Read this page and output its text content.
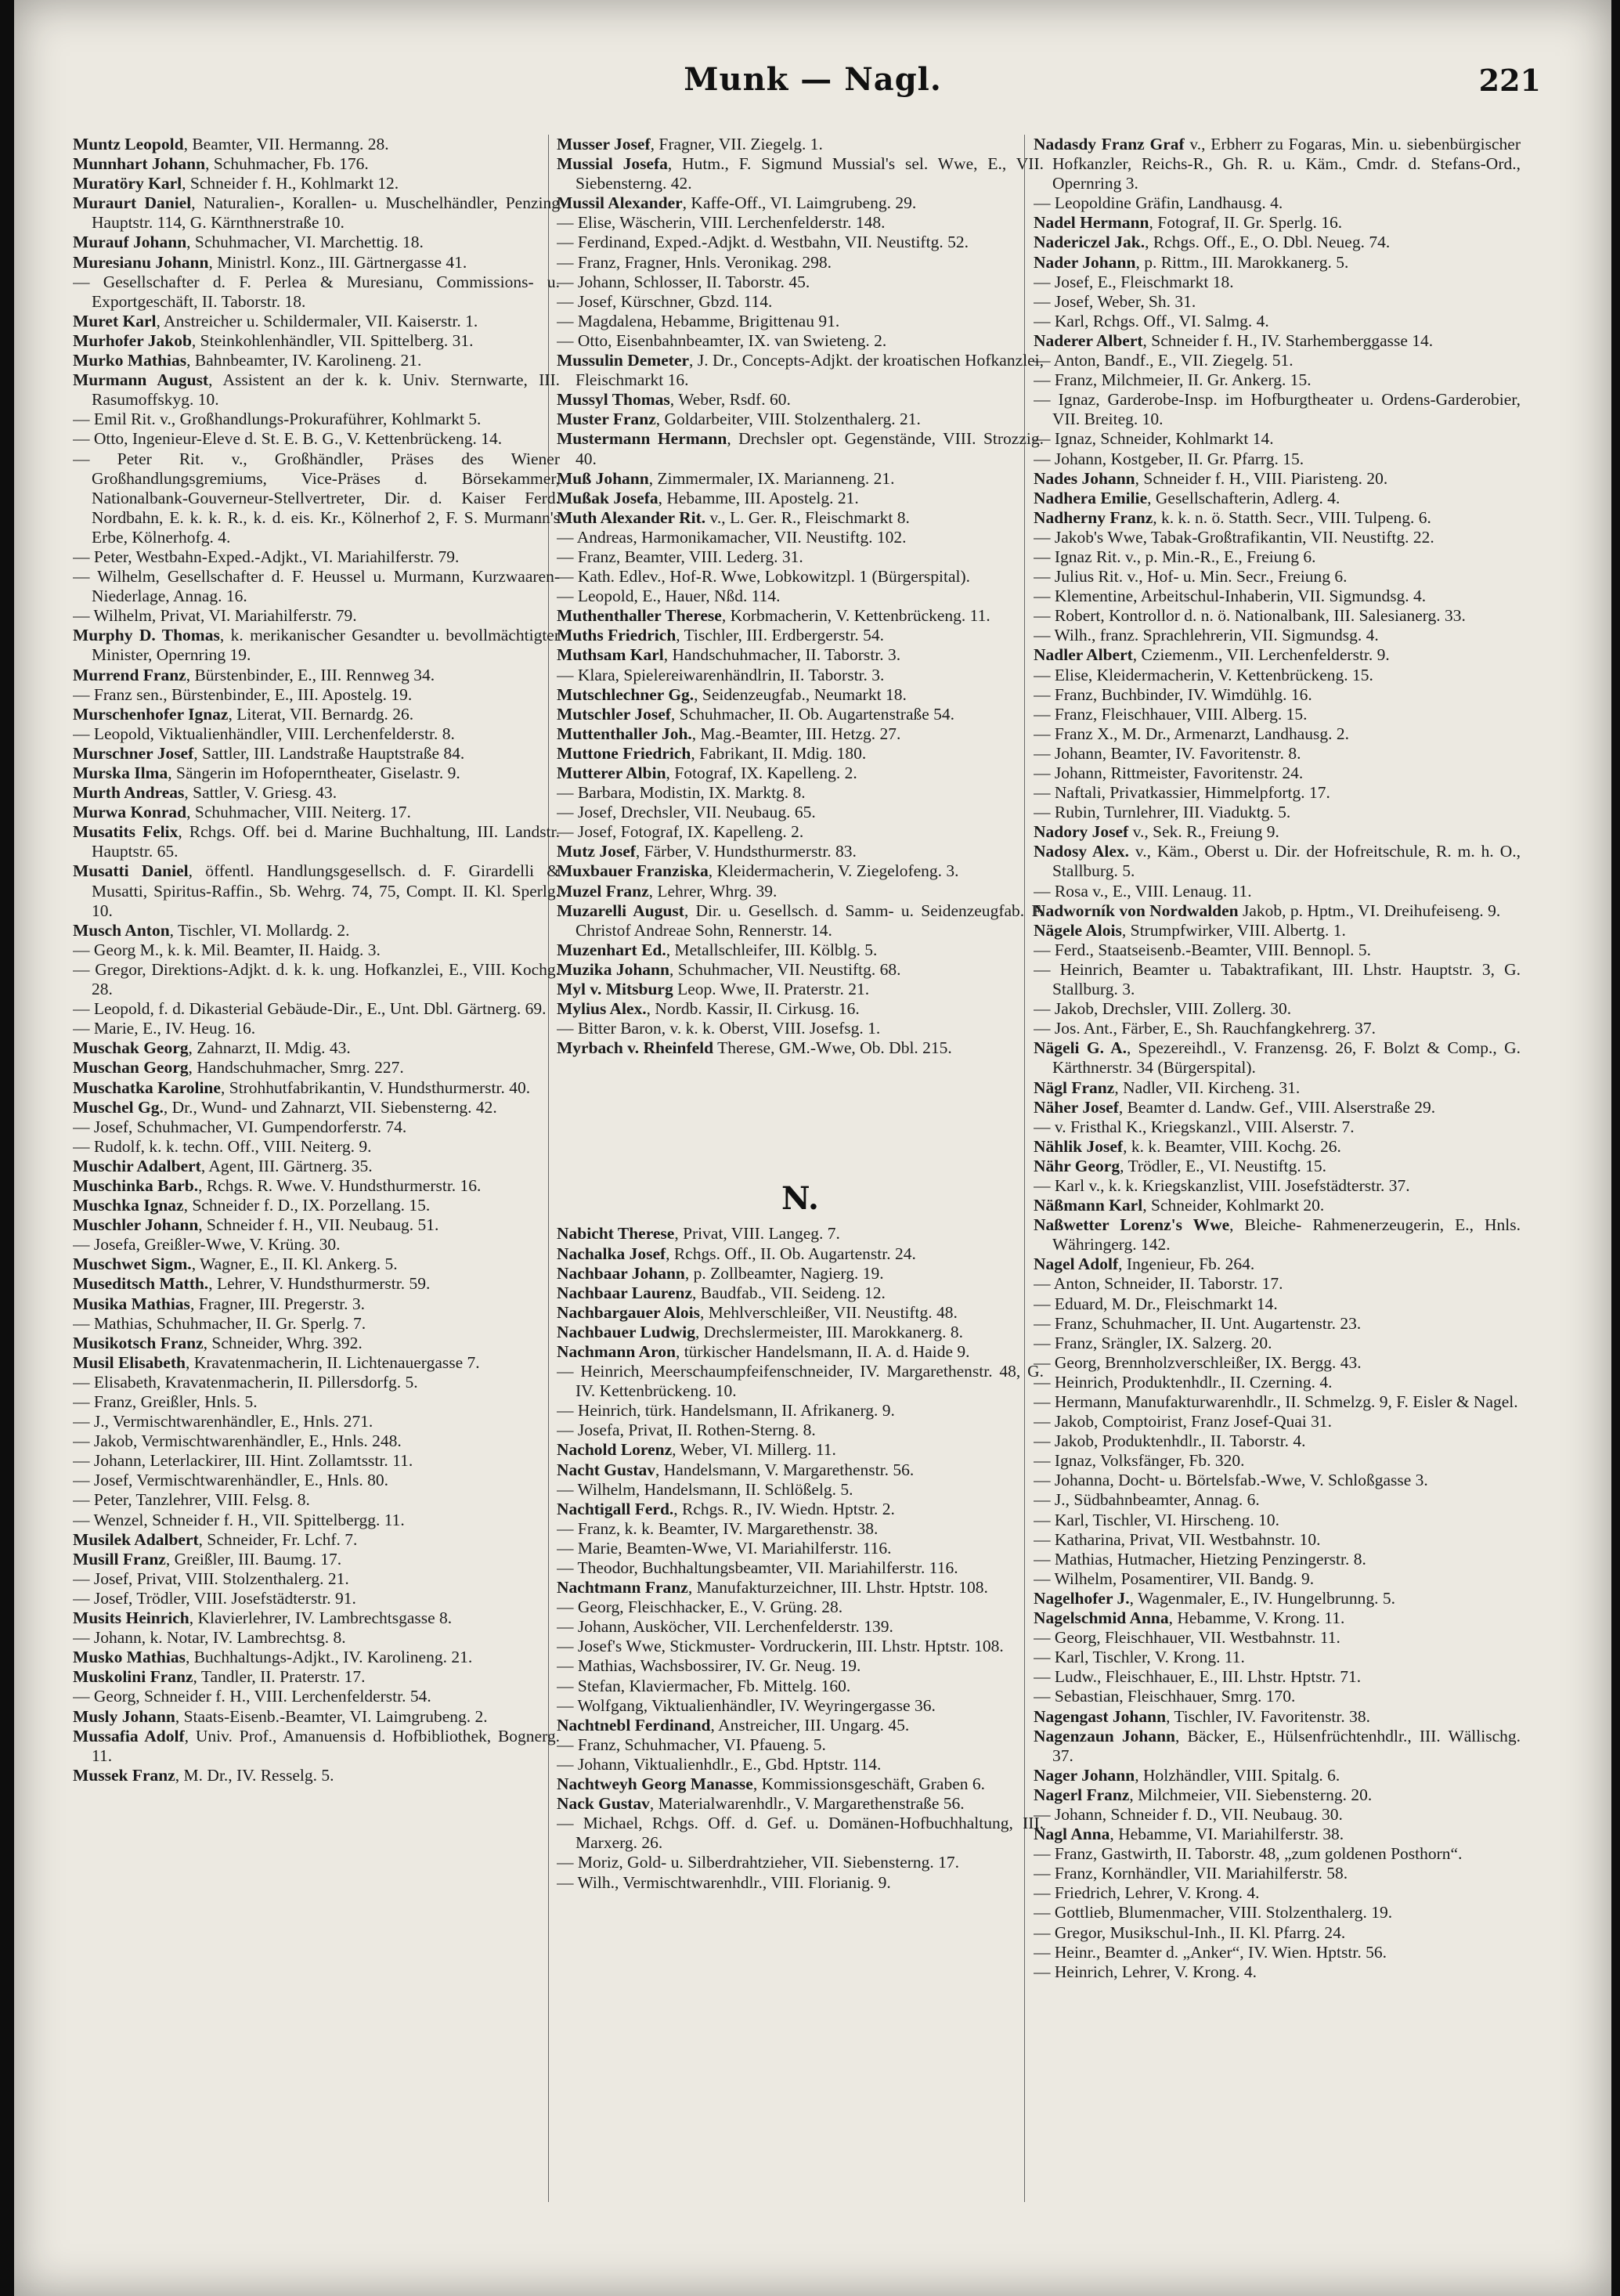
Munk — Nagl.	221
Muntz Leopold, Beamter, VII. Hermanng. 28.
Munnhart Johann, Schuhmacher, Fb. 176.
Muratöry Karl, Schneider f. H., Kohlmarkt 12.
Muraurt Daniel, Naturalien-, Korallen- u. Muschelhändler, Penzing Hauptstr. 114, G. Kärnthnerstraße 10.
Murauf Johann, Schuhmacher, VI. Marchettig. 18.
Muresianu Johann, Ministrl. Konz., III. Gärtnergasse 41.
— Gesellschafter d. F. Perlea & Muresianu, Commissions- u. Exportgeschäft, II. Taborstr. 18.
Muret Karl, Anstreicher u. Schildermaler, VII. Kaiserstr. 1.
Murhofer Jakob, Steinkohlenhändler, VII. Spittelberg. 31.
Murko Mathias, Bahnbeamter, IV. Karolineng. 21.
Murmann August, Assistent an der k. k. Univ. Sternwarte, III. Rasumoffskyg. 10.
— Emil Rit. v., Großhandlungs-Prokuraführer, Kohlmarkt 5.
— Otto, Ingenieur-Eleve d. St. E. B. G., V. Kettenbrückeng. 14.
— Peter Rit. v., Großhändler, Präses des Wiener Großhandlungsgremiums, Vice-Präses d. Börsekammer, Nationalbank-Gouverneur-Stellvertreter, Dir. d. Kaiser Ferd. Nordbahn, E. k. k. R., k. d. eis. Kr., Kölnerhof 2, F. S. Murmann's Erbe, Kölnerhofg. 4.
— Peter, Westbahn-Exped.-Adjkt., VI. Mariahilferstr. 79.
— Wilhelm, Gesellschafter d. F. Heussel u. Murmann, Kurzwaaren-Niederlage, Annag. 16.
— Wilhelm, Privat, VI. Mariahilferstr. 79.
Murphy D. Thomas, k. merikanischer Gesandter u. bevollmächtigter Minister, Opernring 19.
Murrend Franz, Bürstenbinder, E., III. Rennweg 34.
— Franz sen., Bürstenbinder, E., III. Apostelg. 19.
Murschenhofer Ignaz, Literat, VII. Bernardg. 26.
— Leopold, Viktualienhändler, VIII. Lerchenfelderstr. 8.
Murschner Josef, Sattler, III. Landstraße Hauptstraße 84.
Murska Ilma, Sängerin im Hofoperntheater, Giselastr. 9.
Murth Andreas, Sattler, V. Griesg. 43.
Murwa Konrad, Schuhmacher, VIII. Neiterg. 17.
Musatits Felix, Rchgs. Off. bei d. Marine Buchhaltung, III. Landstr. Hauptstr. 65.
Musatti Daniel, öffentl. Handlungsgesellsch. d. F. Girardelli & Musatti, Spiritus-Raffin., Sb. Wehrg. 74, 75, Compt. II. Kl. Sperlg. 10.
Musch Anton, Tischler, VI. Mollardg. 2.
— Georg M., k. k. Mil. Beamter, II. Haidg. 3.
— Gregor, Direktions-Adjkt. d. k. k. ung. Hofkanzlei, E., VIII. Kochg. 28.
— Leopold, f. d. Dikasterial Gebäude-Dir., E., Unt. Dbl. Gärtnerg. 69.
— Marie, E., IV. Heug. 16.
Muschak Georg, Zahnarzt, II. Mdig. 43.
Muschan Georg, Handschuhmacher, Smrg. 227.
Muschatka Karoline, Strohhutfabrikantin, V. Hundsthurmerstr. 40.
Muschel Gg., Dr., Wund- und Zahnarzt, VII. Siebensterng. 42.
— Josef, Schuhmacher, VI. Gumpendorferstr. 74.
— Rudolf, k. k. techn. Off., VIII. Neiterg. 9.
Muschir Adalbert, Agent, III. Gärtnerg. 35.
Muschinka Barb., Rchgs. R. Wwe. V. Hundsthurmerstr. 16.
Muschka Ignaz, Schneider f. D., IX. Porzellang. 15.
Muschler Johann, Schneider f. H., VII. Neubaug. 51.
— Josefa, Greißler-Wwe, V. Krüng. 30.
Muschwet Sigm., Wagner, E., II. Kl. Ankerg. 5.
Museditsch Matth., Lehrer, V. Hundsthurmerstr. 59.
Musika Mathias, Fragner, III. Pregerstr. 3.
— Mathias, Schuhmacher, II. Gr. Sperlg. 7.
Musikotsch Franz, Schneider, Whrg. 392.
Musil Elisabeth, Kravatenmacherin, II. Lichtenauergasse 7.
— Elisabeth, Kravatenmacherin, II. Pillersdorfg. 5.
— Franz, Greißler, Hnls. 5.
— J., Vermischtwarenhändler, E., Hnls. 271.
— Jakob, Vermischtwarenhändler, E., Hnls. 248.
— Johann, Leterlackirer, III. Hint. Zollamtsstr. 11.
— Josef, Vermischtwarenhändler, E., Hnls. 80.
— Peter, Tanzlehrer, VIII. Felsg. 8.
— Wenzel, Schneider f. H., VII. Spittelbergg. 11.
Musilek Adalbert, Schneider, Fr. Lchf. 7.
Musill Franz, Greißler, III. Baumg. 17.
— Josef, Privat, VIII. Stolzenthalerg. 21.
— Josef, Trödler, VIII. Josefstädterstr. 91.
Musits Heinrich, Klavierlehrer, IV. Lambrechtsgasse 8.
— Johann, k. Notar, IV. Lambrechtsg. 8.
Musko Mathias, Buchhaltungs-Adjkt., IV. Karolineng. 21.
Muskolini Franz, Tandler, II. Praterstr. 17.
— Georg, Schneider f. H., VIII. Lerchenfelderstr. 54.
Musly Johann, Staats-Eisenb.-Beamter, VI. Laimgrubeng. 2.
Mussafia Adolf, Univ. Prof., Amanuensis d. Hofbibliothek, Bognerg. 11.
Mussek Franz, M. Dr., IV. Resselg. 5.
Musser Josef, Fragner, VII. Ziegelg. 1.
Mussial Josefa, Hutm., F. Sigmund Mussial's sel. Wwe, E., VII. Siebensterng. 42.
Mussil Alexander, Kaffe-Off., VI. Laimgrubeng. 29.
— Elise, Wäscherin, VIII. Lerchenfelderstr. 148.
— Ferdinand, Exped.-Adjkt. d. Westbahn, VII. Neustiftg. 52.
— Franz, Fragner, Hnls. Veronikag. 298.
— Johann, Schlosser, II. Taborstr. 45.
— Josef, Kürschner, Gbzd. 114.
— Magdalena, Hebamme, Brigittenau 91.
— Otto, Eisenbahnbeamter, IX. van Swieteng. 2.
Mussulin Demeter, J. Dr., Concepts-Adjkt. der kroatischen Hofkanzlei, Fleischmarkt 16.
Mussyl Thomas, Weber, Rsdf. 60.
Muster Franz, Goldarbeiter, VIII. Stolzenthalerg. 21.
Mustermann Hermann, Drechsler opt. Gegenstände, VIII. Strozzig. 40.
Muß Johann, Zimmermaler, IX. Marianneng. 21.
Mußak Josefa, Hebamme, III. Apostelg. 21.
Muth Alexander Rit. v., L. Ger. R., Fleischmarkt 8.
— Andreas, Harmonikamacher, VII. Neustiftg. 102.
— Franz, Beamter, VIII. Lederg. 31.
— Kath. Edlev., Hof-R. Wwe, Lobkowitzpl. 1 (Bürgerspital).
— Leopold, E., Hauer, Nßd. 114.
Muthenthaller Therese, Korbmacherin, V. Kettenbrückeng. 11.
Muths Friedrich, Tischler, III. Erdbergerstr. 54.
Muthsam Karl, Handschuhmacher, II. Taborstr. 3.
— Klara, Spielereiwarenhändlrin, II. Taborstr. 3.
Mutschlechner Gg., Seidenzeugfab., Neumarkt 18.
Mutschler Josef, Schuhmacher, II. Ob. Augartenstraße 54.
Muttenthaller Joh., Mag.-Beamter, III. Hetzg. 27.
Muttone Friedrich, Fabrikant, II. Mdig. 180.
Mutterer Albin, Fotograf, IX. Kapelleng. 2.
— Barbara, Modistin, IX. Marktg. 8.
— Josef, Drechsler, VII. Neubaug. 65.
— Josef, Fotograf, IX. Kapelleng. 2.
Mutz Josef, Färber, V. Hundsthurmerstr. 83.
Muxbauer Franziska, Kleidermacherin, V. Ziegelofeng. 3.
Muzel Franz, Lehrer, Whrg. 39.
Muzarelli August, Dir. u. Gesellsch. d. Samm- u. Seidenzeugfab. F. Christof Andreae Sohn, Rennerstr. 14.
Muzenhart Ed., Metallschleifer, III. Kölblg. 5.
Muzika Johann, Schuhmacher, VII. Neustiftg. 68.
Myl v. Mitsburg Leop. Wwe, II. Praterstr. 21.
Mylius Alex., Nordb. Kassir, II. Cirkusg. 16.
— Bitter Baron, v. k. k. Oberst, VIII. Josefsg. 1.
Myrbach v. Rheinfeld Therese, GM.-Wwe, Ob. Dbl. 215.
N.
Nabicht Therese, Privat, VIII. Langeg. 7.
Nachalka Josef, Rchgs. Off., II. Ob. Augartenstr. 24.
Nachbaar Johann, p. Zollbeamter, Nagierg. 19.
Nachbaar Laurenz, Baudfab., VII. Seideng. 12.
Nachbargauer Alois, Mehlverschleißer, VII. Neustiftg. 48.
Nachbauer Ludwig, Drechslermeister, III. Marokkanerg. 8.
Nachmann Aron, türkischer Handelsmann, II. A. d. Haide 9.
— Heinrich, Meerschaumpfeifenschneider, IV. Margarethenstr. 48, G. IV. Kettenbrückeng. 10.
— Heinrich, türk. Handelsmann, II. Afrikanerg. 9.
— Josefa, Privat, II. Rothen-Sterng. 8.
Nachold Lorenz, Weber, VI. Millerg. 11.
Nacht Gustav, Handelsmann, V. Margarethenstr. 56.
— Wilhelm, Handelsmann, II. Schlößelg. 5.
Nachtigall Ferd., Rchgs. R., IV. Wiedn. Hptstr. 2.
— Franz, k. k. Beamter, IV. Margarethenstr. 38.
— Marie, Beamten-Wwe, VI. Mariahilferstr. 116.
— Theodor, Buchhaltungsbeamter, VII. Mariahilferstr. 116.
Nachtmann Franz, Manufakturzeichner, III. Lhstr. Hptstr. 108.
— Georg, Fleischhacker, E., V. Grüng. 28.
— Johann, Ausköcher, VII. Lerchenfelderstr. 139.
— Josef's Wwe, Stickmuster- Vordruckerin, III. Lhstr. Hptstr. 108.
— Mathias, Wachsbossirer, IV. Gr. Neug. 19.
— Stefan, Klaviermacher, Fb. Mittelg. 160.
— Wolfgang, Viktualienhändler, IV. Weyringergasse 36.
Nachtnebl Ferdinand, Anstreicher, III. Ungarg. 45.
— Franz, Schuhmacher, VI. Pfaueng. 5.
— Johann, Viktualienhdlr., E., Gbd. Hptstr. 114.
Nachtweyh Georg Manasse, Kommissionsgeschäft, Graben 6.
Nack Gustav, Materialwarenhdlr., V. Margarethenstraße 56.
— Michael, Rchgs. Off. d. Gef. u. Domänen-Hofbuchhaltung, III. Marxerg. 26.
— Moriz, Gold- u. Silberdrahtzieher, VII. Siebensterng. 17.
— Wilh., Vermischtwarenhdlr., VIII. Florianig. 9.
Nadasdy Franz Graf v., Erbherr zu Fogaras, Min. u. siebenbürgischer Hofkanzler, Reichs-R., Gh. R. u. Käm., Cmdr. d. Stefans-Ord., Opernring 3.
— Leopoldine Gräfin, Landhausg. 4.
Nadel Hermann, Fotograf, II. Gr. Sperlg. 16.
Nadericzel Jak., Rchgs. Off., E., O. Dbl. Neueg. 74.
Nader Johann, p. Rittm., III. Marokkanerg. 5.
— Josef, E., Fleischmarkt 18.
— Josef, Weber, Sh. 31.
— Karl, Rchgs. Off., VI. Salmg. 4.
Naderer Albert, Schneider f. H., IV. Starhemberggasse 14.
— Anton, Bandf., E., VII. Ziegelg. 51.
— Franz, Milchmeier, II. Gr. Ankerg. 15.
— Ignaz, Garderobe-Insp. im Hofburgtheater u. Ordens-Garderobier, VII. Breiteg. 10.
— Ignaz, Schneider, Kohlmarkt 14.
— Johann, Kostgeber, II. Gr. Pfarrg. 15.
Nades Johann, Schneider f. H., VIII. Piaristeng. 20.
Nadhera Emilie, Gesellschafterin, Adlerg. 4.
Nadherny Franz, k. k. n. ö. Statth. Secr., VIII. Tulpeng. 6.
— Jakob's Wwe, Tabak-Großtrafikantin, VII. Neustiftg. 22.
— Ignaz Rit. v., p. Min.-R., E., Freiung 6.
— Julius Rit. v., Hof- u. Min. Secr., Freiung 6.
— Klementine, Arbeitschul-Inhaberin, VII. Sigmundsg. 4.
— Robert, Kontrollor d. n. ö. Nationalbank, III. Salesianerg. 33.
— Wilh., franz. Sprachlehrerin, VII. Sigmundsg. 4.
Nadler Albert, Cziemenm., VII. Lerchenfelderstr. 9.
— Elise, Kleidermacherin, V. Kettenbrückeng. 15.
— Franz, Buchbinder, IV. Wimdühlg. 16.
— Franz, Fleischhauer, VIII. Alberg. 15.
— Franz X., M. Dr., Armenarzt, Landhausg. 2.
— Johann, Beamter, IV. Favoritenstr. 8.
— Johann, Rittmeister, Favoritenstr. 24.
— Naftali, Privatkassier, Himmelpfortg. 17.
— Rubin, Turnlehrer, III. Viaduktg. 5.
Nadory Josef v., Sek. R., Freiung 9.
Nadosy Alex. v., Käm., Oberst u. Dir. der Hofreitschule, R. m. h. O., Stallburg. 5.
— Rosa v., E., VIII. Lenaug. 11.
Nadworník von Nordwalden Jakob, p. Hptm., VI. Dreihufeiseng. 9.
Nägele Alois, Strumpfwirker, VIII. Albertg. 1.
— Ferd., Staatseisenb.-Beamter, VIII. Bennopl. 5.
— Heinrich, Beamter u. Tabaktrafikant, III. Lhstr. Hauptstr. 3, G. Stallburg. 3.
— Jakob, Drechsler, VIII. Zollerg. 30.
— Jos. Ant., Färber, E., Sh. Rauchfangkehrerg. 37.
Nägeli G. A., Spezereihdl., V. Franzensg. 26, F. Bolzt & Comp., G. Kärthnerstr. 34 (Bürgerspital).
Nägl Franz, Nadler, VII. Kircheng. 31.
Näher Josef, Beamter d. Landw. Gef., VIII. Alserstraße 29.
— v. Fristhal K., Kriegskanzl., VIII. Alserstr. 7.
Nählik Josef, k. k. Beamter, VIII. Kochg. 26.
Nähr Georg, Trödler, E., VI. Neustiftg. 15.
— Karl v., k. k. Kriegskanzlist, VIII. Josefstädterstr. 37.
Näßmann Karl, Schneider, Kohlmarkt 20.
Naßwetter Lorenz's Wwe, Bleiche- Rahmenerzeugerin, E., Hnls. Währingerg. 142.
Nagel Adolf, Ingenieur, Fb. 264.
— Anton, Schneider, II. Taborstr. 17.
— Eduard, M. Dr., Fleischmarkt 14.
— Franz, Schuhmacher, II. Unt. Augartenstr. 23.
— Franz, Srängler, IX. Salzerg. 20.
— Georg, Brennholzverschleißer, IX. Bergg. 43.
— Heinrich, Produktenhdlr., II. Czerning. 4.
— Hermann, Manufakturwarenhdlr., II. Schmelzg. 9, F. Eisler & Nagel.
— Jakob, Comptoirist, Franz Josef-Quai 31.
— Jakob, Produktenhdlr., II. Taborstr. 4.
— Ignaz, Volksfänger, Fb. 320.
— Johanna, Docht- u. Börtelsfab.-Wwe, V. Schloßgasse 3.
— J., Südbahnbeamter, Annag. 6.
— Karl, Tischler, VI. Hirscheng. 10.
— Katharina, Privat, VII. Westbahnstr. 10.
— Mathias, Hutmacher, Hietzing Penzingerstr. 8.
— Wilhelm, Posamentirer, VII. Bandg. 9.
Nagelhofer J., Wagenmaler, E., IV. Hungelbrunng. 5.
Nagelschmid Anna, Hebamme, V. Krong. 11.
— Georg, Fleischhauer, VII. Westbahnstr. 11.
— Karl, Tischler, V. Krong. 11.
— Ludw., Fleischhauer, E., III. Lhstr. Hptstr. 71.
— Sebastian, Fleischhauer, Smrg. 170.
Nagengast Johann, Tischler, IV. Favoritenstr. 38.
Nagenzaun Johann, Bäcker, E., Hülsenfrüchtenhdlr., III. Wällischg. 37.
Nager Johann, Holzhändler, VIII. Spitalg. 6.
Nagerl Franz, Milchmeier, VII. Siebensterng. 20.
— Johann, Schneider f. D., VII. Neubaug. 30.
Nagl Anna, Hebamme, VI. Mariahilferstr. 38.
— Franz, Gastwirth, II. Taborstr. 48, „zum goldenen Posthorn“.
— Franz, Kornhändler, VII. Mariahilferstr. 58.
— Friedrich, Lehrer, V. Krong. 4.
— Gottlieb, Blumenmacher, VIII. Stolzenthalerg. 19.
— Gregor, Musikschul-Inh., II. Kl. Pfarrg. 24.
— Heinr., Beamter d. „Anker“, IV. Wien. Hptstr. 56.
— Heinrich, Lehrer, V. Krong. 4.
